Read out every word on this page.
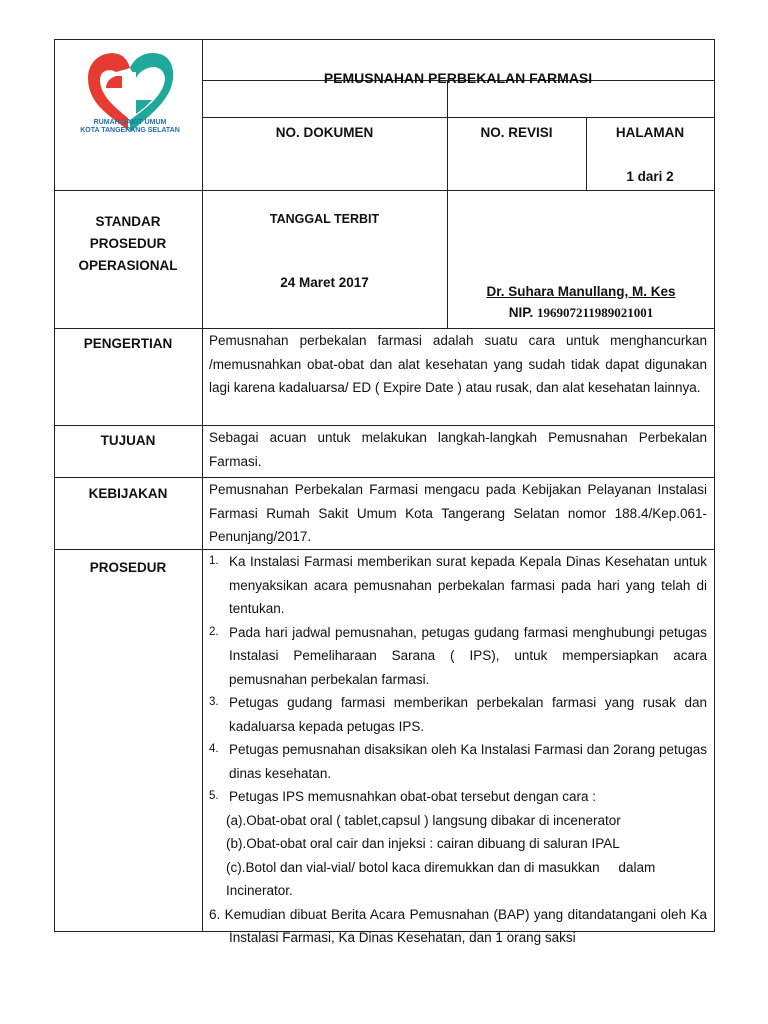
RUMAH SAKIT UMUM
KOTA TANGERANG SELATAN
PEMUSNAHAN PERBEKALAN FARMASI
NO. DOKUMEN	NO. REVISI	HALAMAN
1 dari 2
STANDAR
PROSEDUR
OPERASIONAL
TANGGAL TERBIT
24 Maret 2017
Dr. Suhara Manullang, M. Kes
NIP. 196907211989021001
PENGERTIAN
TUJUAN
KEBIJAKAN
PROSEDUR
Pemusnahan perbekalan farmasi adalah suatu cara untuk menghancurkan /memusnahkan obat-obat dan alat kesehatan yang sudah tidak dapat digunakan lagi karena kadaluarsa/ ED ( Expire Date ) atau rusak, dan alat kesehatan lainnya.
Sebagai acuan untuk melakukan langkah-langkah Pemusnahan Perbekalan Farmasi.
Pemusnahan Perbekalan Farmasi mengacu pada Kebijakan Pelayanan Instalasi Farmasi Rumah Sakit Umum Kota Tangerang Selatan nomor 188.4/Kep.061-Penunjang/2017.
1. Ka Instalasi Farmasi memberikan surat kepada Kepala Dinas Kesehatan untuk menyaksikan acara pemusnahan perbekalan farmasi pada hari yang telah di tentukan.
2. Pada hari jadwal pemusnahan, petugas gudang farmasi menghubungi petugas Instalasi Pemeliharaan Sarana ( IPS), untuk mempersiapkan acara pemusnahan perbekalan farmasi.
3. Petugas gudang farmasi memberikan perbekalan farmasi yang rusak dan kadaluarsa kepada petugas IPS.
4. Petugas pemusnahan disaksikan oleh Ka Instalasi Farmasi dan 2orang petugas dinas kesehatan.
5. Petugas IPS memusnahkan obat-obat tersebut dengan cara :
(a).Obat-obat oral ( tablet,capsul ) langsung dibakar di incenerator
(b).Obat-obat oral cair dan injeksi : cairan dibuang di saluran IPAL
(c).Botol dan vial-vial/ botol kaca diremukkan dan di masukkan     dalam Incinerator.
6. Kemudian dibuat Berita Acara Pemusnahan (BAP) yang ditandatangani oleh Ka Instalasi Farmasi, Ka Dinas Kesehatan, dan 1 orang saksi
